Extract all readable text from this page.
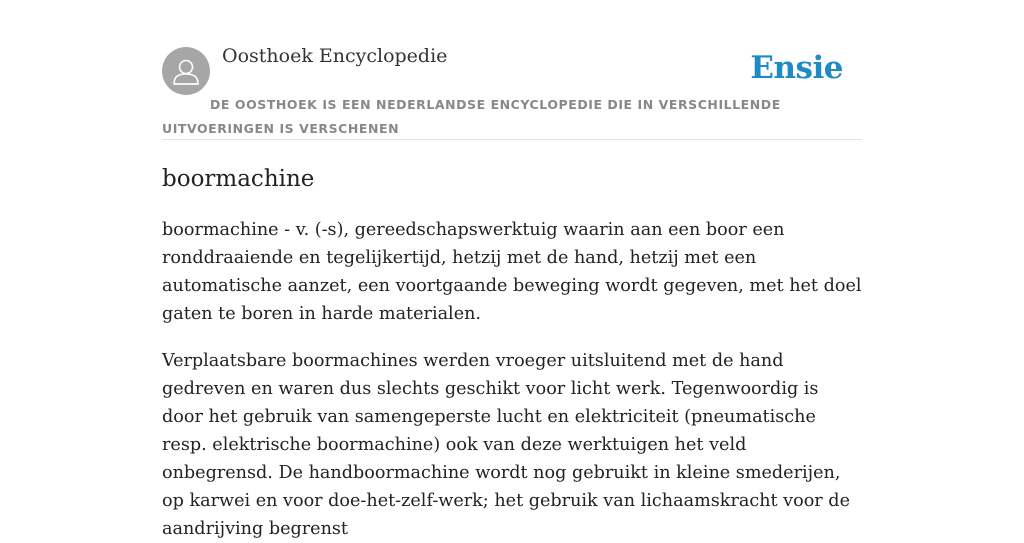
Oosthoek Encyclopedie	Ensie
DE OOSTHOEK IS EEN NEDERLANDSE ENCYCLOPEDIE DIE IN VERSCHILLENDE UITVOERINGEN IS VERSCHENEN
boormachine

boormachine - v. (-s), gereedschapswerktuig waarin aan een boor een ronddraaiende en tegelijkertijd, hetzij met de hand, hetzij met een automatische aanzet, een voortgaande beweging wordt gegeven, met het doel gaten te boren in harde materialen.

Verplaatsbare boormachines werden vroeger uitsluitend met de hand gedreven en waren dus slechts geschikt voor licht werk. Tegenwoordig is door het gebruik van samengeperste lucht en elektriciteit (pneumatische resp. elektrische boormachine) ook van deze werktuigen het veld onbegrensd. De handboormachine wordt nog gebruikt in kleine smederijen, op karwei en voor doe-het-zelf-werk; het gebruik van lichaamskracht voor de aandrijving begrenst
